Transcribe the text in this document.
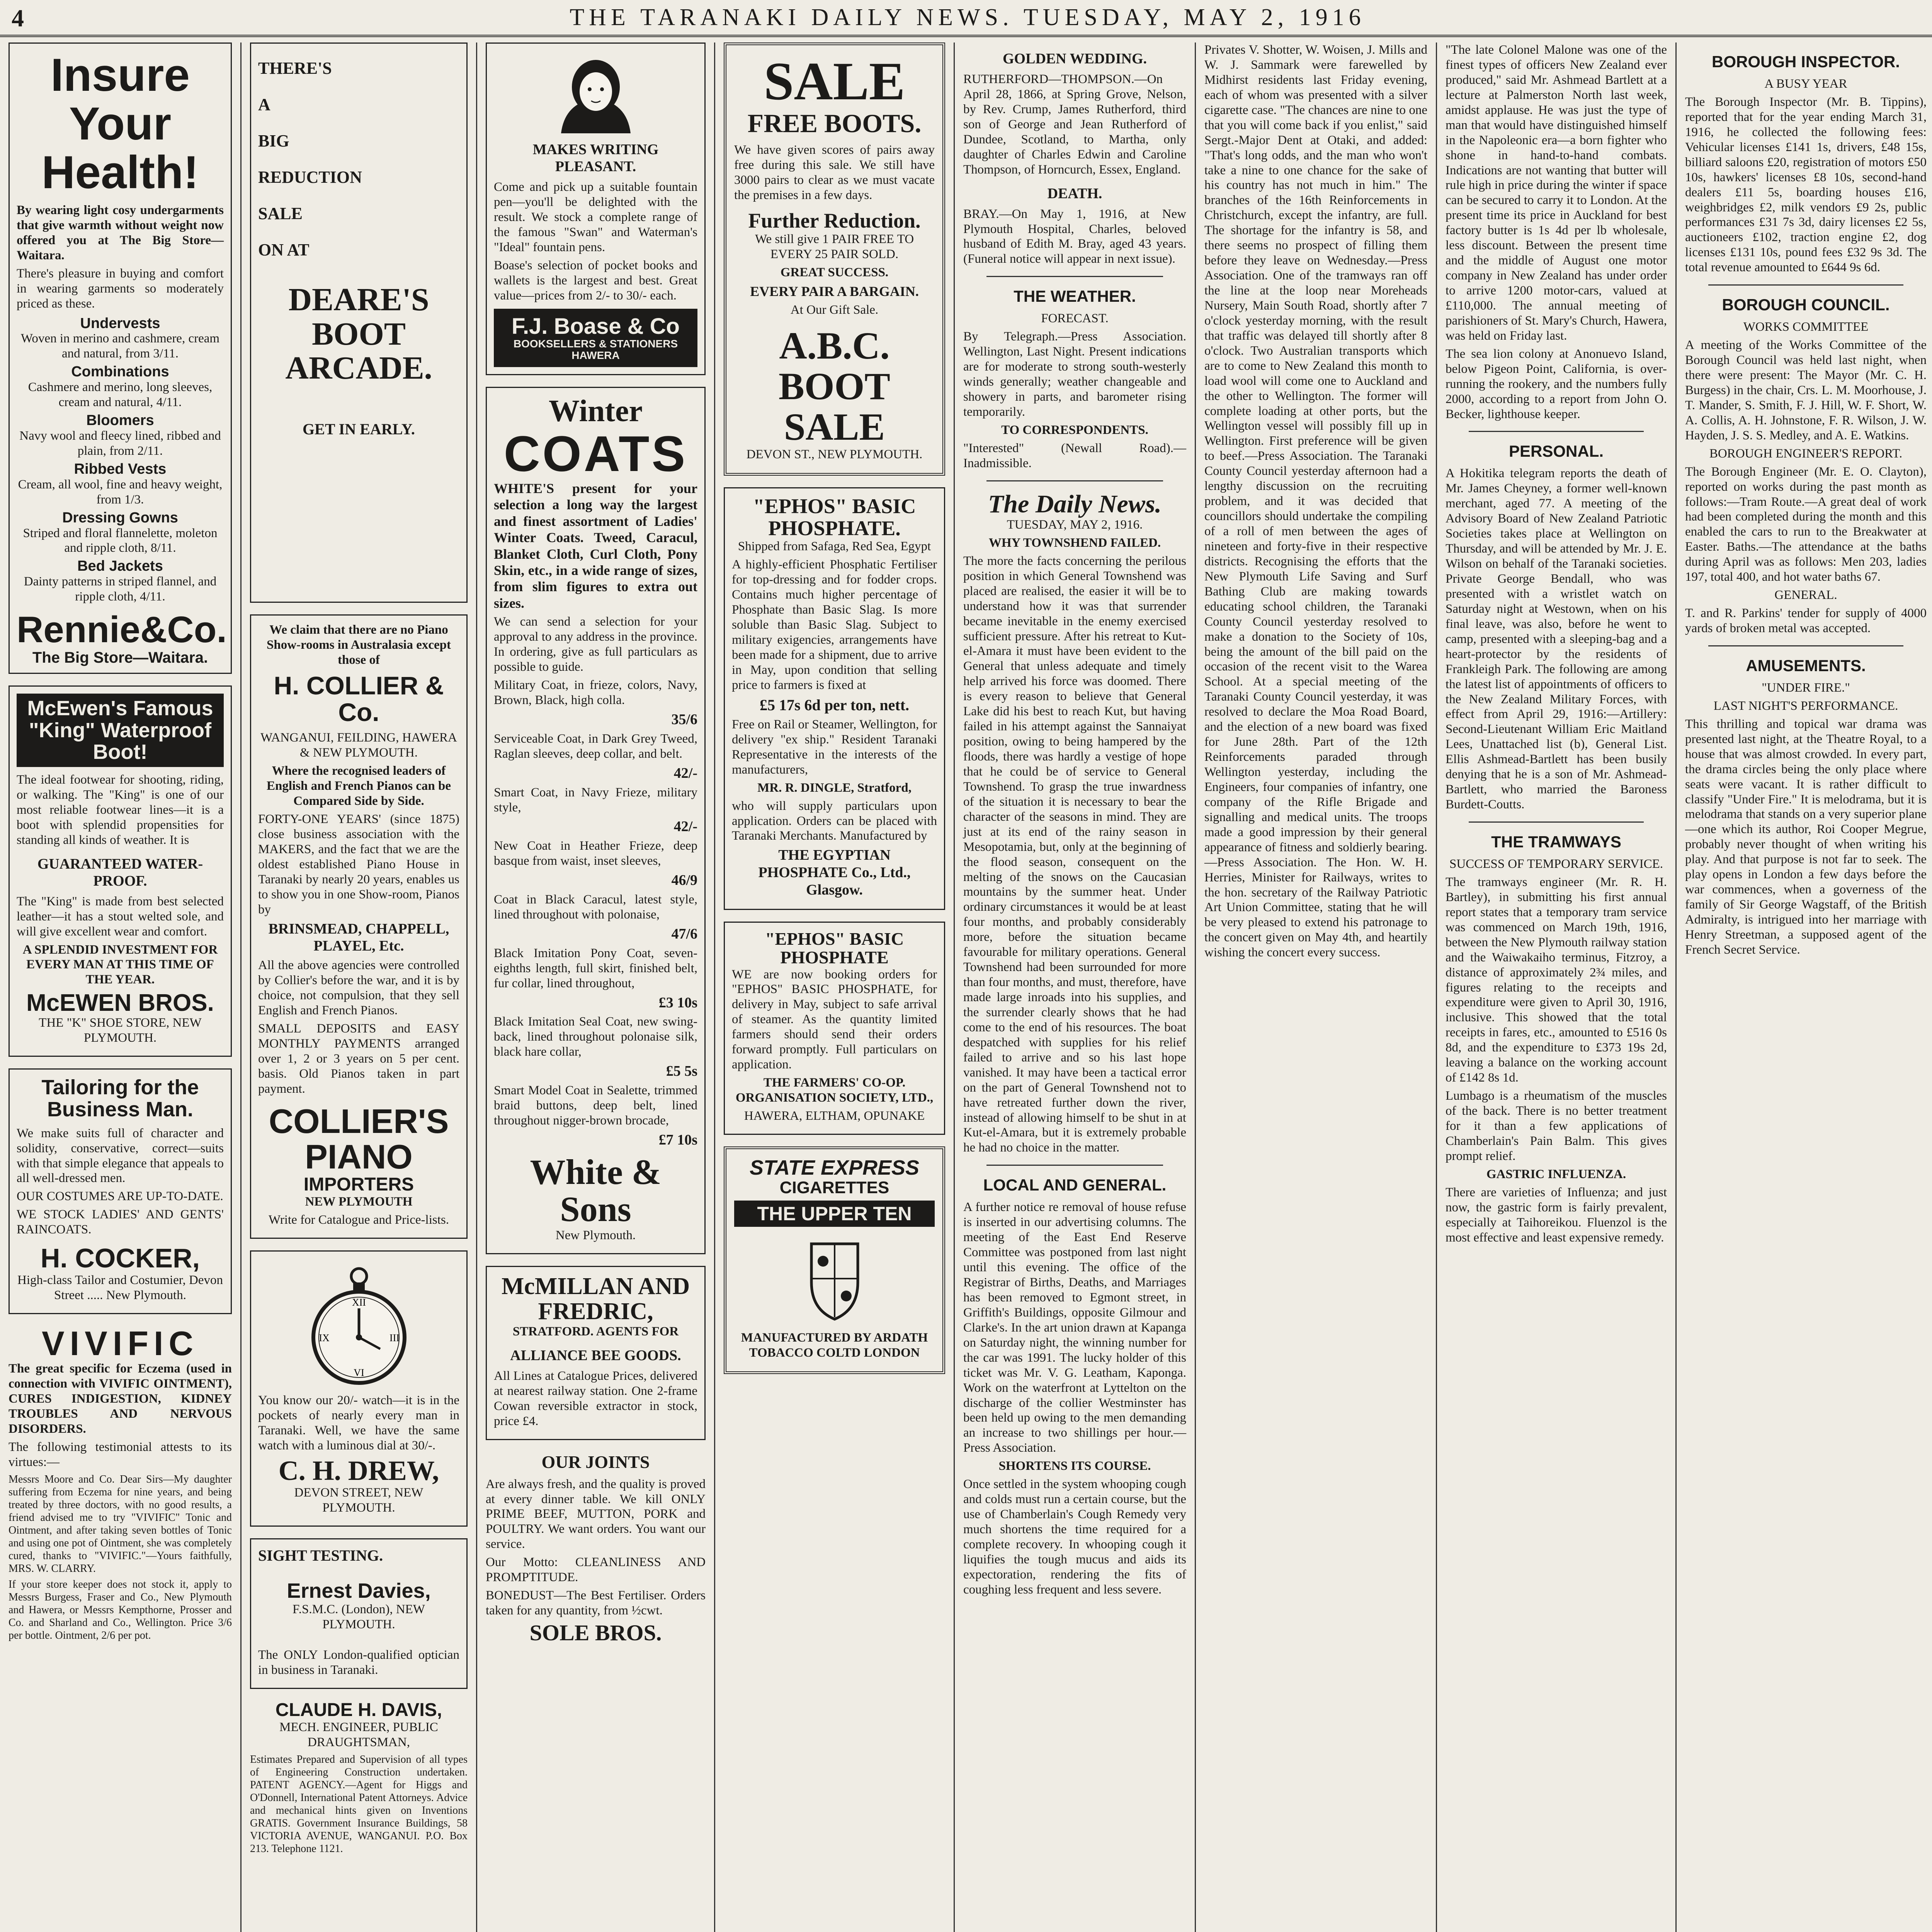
4	THE TARANAKI DAILY NEWS. TUESDAY, MAY 2, 1916
Insure
Your
Health!

By wearing light cosy undergarments that give warmth without weight now offered you at The Big Store—Waitara.

There's pleasure in buying and comfort in wearing garments so moderately priced as these.

Undervests

Woven in merino and cashmere, cream and natural, from 3/11.

Combinations

Cashmere and merino, long sleeves, cream and natural, 4/11.

Bloomers

Navy wool and fleecy lined, ribbed and plain, from 2/11.

Ribbed Vests

Cream, all wool, fine and heavy weight, from 1/3.

Dressing Gowns

Striped and floral flannelette, moleton and ripple cloth, 8/11.

Bed Jackets

Dainty patterns in striped flannel, and ripple cloth, 4/11.

Rennie&Co.
The Big Store—Waitara.
McEwen's Famous "King" Waterproof Boot!

The ideal footwear for shooting, riding, or walking. The "King" is one of our most reliable footwear lines—it is a boot with splendid propensities for standing all kinds of weather. It is

GUARANTEED WATER-PROOF.

The "King" is made from best selected leather—it has a stout welted sole, and will give excellent wear and comfort.

A SPLENDID INVESTMENT FOR EVERY MAN AT THIS TIME OF THE YEAR.

McEWEN BROS.

THE "K" SHOE STORE, NEW PLYMOUTH.

Tailoring for the Business Man.

We make suits full of character and solidity, conservative, correct—suits with that simple elegance that appeals to all well-dressed men.

OUR COSTUMES ARE UP-TO-DATE.

WE STOCK LADIES' AND GENTS' RAINCOATS.

H. COCKER,

High-class Tailor and Costumier, Devon Street ..... New Plymouth.

VIVIFIC

The great specific for Eczema (used in connection with VIVIFIC OINTMENT), CURES INDIGESTION, KIDNEY TROUBLES AND NERVOUS DISORDERS.

The following testimonial attests to its virtues:—

Messrs Moore and Co. Dear Sirs—My daughter suffering from Eczema for nine years, and being treated by three doctors, with no good results, a friend advised me to try "VIVIFIC" Tonic and Ointment, and after taking seven bottles of Tonic and using one pot of Ointment, she was completely cured, thanks to "VIVIFIC."—Yours faithfully, MRS. W. CLARRY.

If your store keeper does not stock it, apply to Messrs Burgess, Fraser and Co., New Plymouth and Hawera, or Messrs Kempthorne, Prosser and Co. and Sharland and Co., Wellington. Price 3/6 per bottle. Ointment, 2/6 per pot.

THERE'S

A

BIG

REDUCTION

SALE

ON AT

DEARE'S BOOT ARCADE.

GET IN EARLY.

We claim that there are no Piano Show-rooms in Australasia except those of

H. COLLIER & Co.

WANGANUI, FEILDING, HAWERA & NEW PLYMOUTH.

Where the recognised leaders of English and French Pianos can be Compared Side by Side.

FORTY-ONE YEARS' (since 1875) close business association with the MAKERS, and the fact that we are the oldest established Piano House in Taranaki by nearly 20 years, enables us to show you in one Show-room, Pianos by

BRINSMEAD, CHAPPELL, PLAYEL, Etc.

All the above agencies were controlled by Collier's before the war, and it is by choice, not compulsion, that they sell English and French Pianos.

SMALL DEPOSITS and EASY MONTHLY PAYMENTS arranged over 1, 2 or 3 years on 5 per cent. basis. Old Pianos taken in part payment.

COLLIER'S PIANO
IMPORTERS

NEW PLYMOUTH

Write for Catalogue and Price-lists.

XII
III
VI
IX

You know our 20/- watch—it is in the pockets of nearly every man in Taranaki. Well, we have the same watch with a luminous dial at 30/-.

C. H. DREW,

DEVON STREET, NEW PLYMOUTH.

SIGHT TESTING.

Ernest Davies,

F.S.M.C. (London), NEW PLYMOUTH.

The ONLY London-qualified optician in business in Taranaki.

CLAUDE H. DAVIS,

MECH. ENGINEER, PUBLIC DRAUGHTSMAN,

Estimates Prepared and Supervision of all types of Engineering Construction undertaken. PATENT AGENCY.—Agent for Higgs and O'Donnell, International Patent Attorneys. Advice and mechanical hints given on Inventions GRATIS. Government Insurance Buildings, 58 VICTORIA AVENUE, WANGANUI. P.O. Box 213. Telephone 1121.

MAKES WRITING PLEASANT.

Come and pick up a suitable fountain pen—you'll be delighted with the result. We stock a complete range of the famous "Swan" and Waterman's "Ideal" fountain pens.

Boase's selection of pocket books and wallets is the largest and best. Great value—prices from 2/- to 30/- each.

F.J. Boase & Co
BOOKSELLERS & STATIONERS HAWERA
Winter
COATS

WHITE'S present for your selection a long way the largest and finest assortment of Ladies' Winter Coats. Tweed, Caracul, Blanket Cloth, Curl Cloth, Pony Skin, etc., in a wide range of sizes, from slim figures to extra out sizes.

We can send a selection for your approval to any address in the province. In ordering, give as full particulars as possible to guide.

Military Coat, in frieze, colors, Navy, Brown, Black, high colla.

35/6

Serviceable Coat, in Dark Grey Tweed, Raglan sleeves, deep collar, and belt.

42/-

Smart Coat, in Navy Frieze, military style,

42/-

New Coat in Heather Frieze, deep basque from waist, inset sleeves,

46/9

Coat in Black Caracul, latest style, lined throughout with polonaise,

47/6

Black Imitation Pony Coat, seven-eighths length, full skirt, finished belt, fur collar, lined throughout,

£3 10s

Black Imitation Seal Coat, new swing-back, lined throughout polonaise silk, black hare collar,

£5 5s

Smart Model Coat in Sealette, trimmed braid buttons, deep belt, lined throughout nigger-brown brocade,

£7 10s

White & Sons

New Plymouth.

McMILLAN AND FREDRIC,

STRATFORD. AGENTS FOR

ALLIANCE BEE GOODS.

All Lines at Catalogue Prices, delivered at nearest railway station. One 2-frame Cowan reversible extractor in stock, price £4.

OUR JOINTS

Are always fresh, and the quality is proved at every dinner table. We kill ONLY PRIME BEEF, MUTTON, PORK and POULTRY. We want orders. You want our service.

Our Motto: CLEANLINESS AND PROMPTITUDE.

BONEDUST—The Best Fertiliser. Orders taken for any quantity, from ½cwt.

SOLE BROS.
SALE
FREE BOOTS.

We have given scores of pairs away free during this sale. We still have 3000 pairs to clear as we must vacate the premises in a few days.

Further Reduction.

We still give 1 PAIR FREE TO EVERY 25 PAIR SOLD.

GREAT SUCCESS.

EVERY PAIR A BARGAIN.

At Our Gift Sale.

A.B.C. BOOT SALE

DEVON ST., NEW PLYMOUTH.

"EPHOS" BASIC PHOSPHATE.

Shipped from Safaga, Red Sea, Egypt

A highly-efficient Phosphatic Fertiliser for top-dressing and for fodder crops. Contains much higher percentage of Phosphate than Basic Slag. Is more soluble than Basic Slag. Subject to military exigencies, arrangements have been made for a shipment, due to arrive in May, upon condition that selling price to farmers is fixed at

£5 17s 6d per ton, nett.

Free on Rail or Steamer, Wellington, for delivery "ex ship." Resident Taranaki Representative in the interests of the manufacturers,

MR. R. DINGLE, Stratford,

who will supply particulars upon application. Orders can be placed with Taranaki Merchants. Manufactured by

THE EGYPTIAN PHOSPHATE Co., Ltd., Glasgow.

"EPHOS" BASIC PHOSPHATE

WE are now booking orders for "EPHOS" BASIC PHOSPHATE, for delivery in May, subject to safe arrival of steamer. As the quantity limited farmers should send their orders forward promptly. Full particulars on application.

THE FARMERS' CO-OP. ORGANISATION SOCIETY, LTD.,

HAWERA, ELTHAM, OPUNAKE

STATE EXPRESS
CIGARETTES
THE UPPER TEN

MANUFACTURED BY ARDATH TOBACCO COLTD LONDON

GOLDEN WEDDING.

RUTHERFORD—THOMPSON.—On April 28, 1866, at Spring Grove, Nelson, by Rev. Crump, James Rutherford, third son of George and Jean Rutherford of Dundee, Scotland, to Martha, only daughter of Charles Edwin and Caroline Thompson, of Horncurch, Essex, England.

DEATH.

BRAY.—On May 1, 1916, at New Plymouth Hospital, Charles, beloved husband of Edith M. Bray, aged 43 years. (Funeral notice will appear in next issue).

THE WEATHER.

FORECAST.

By Telegraph.—Press Association. Wellington, Last Night. Present indications are for moderate to strong south-westerly winds generally; weather changeable and showery in parts, and barometer rising temporarily.

TO CORRESPONDENTS.

"Interested" (Newall Road).—Inadmissible.

The Daily News.

TUESDAY, MAY 2, 1916.

WHY TOWNSHEND FAILED.

The more the facts concerning the perilous position in which General Townshend was placed are realised, the easier it will be to understand how it was that surrender became inevitable in the enemy exercised sufficient pressure. After his retreat to Kut-el-Amara it must have been evident to the General that unless adequate and timely help arrived his force was doomed. There is every reason to believe that General Lake did his best to reach Kut, but having failed in his attempt against the Sannaiyat position, owing to being hampered by the floods, there was hardly a vestige of hope that he could be of service to General Townshend. To grasp the true inwardness of the situation it is necessary to bear the character of the seasons in mind. They are just at its end of the rainy season in Mesopotamia, but, only at the beginning of the flood season, consequent on the melting of the snows on the Caucasian mountains by the summer heat. Under ordinary circumstances it would be at least four months, and probably considerably more, before the situation became favourable for military operations. General Townshend had been surrounded for more than four months, and must, therefore, have made large inroads into his supplies, and the surrender clearly shows that he had come to the end of his resources. The boat despatched with supplies for his relief failed to arrive and so his last hope vanished. It may have been a tactical error on the part of General Townshend not to have retreated further down the river, instead of allowing himself to be shut in at Kut-el-Amara, but it is extremely probable he had no choice in the matter.

LOCAL AND GENERAL.

A further notice re removal of house refuse is inserted in our advertising columns. The meeting of the East End Reserve Committee was postponed from last night until this evening. The office of the Registrar of Births, Deaths, and Marriages has been removed to Egmont street, in Griffith's Buildings, opposite Gilmour and Clarke's. In the art union drawn at Kapanga on Saturday night, the winning number for the car was 1991. The lucky holder of this ticket was Mr. V. G. Leatham, Kaponga. Work on the waterfront at Lyttelton on the discharge of the collier Westminster has been held up owing to the men demanding an increase to two shillings per hour.—Press Association.

SHORTENS ITS COURSE.

Once settled in the system whooping cough and colds must run a certain course, but the use of Chamberlain's Cough Remedy very much shortens the time required for a complete recovery. In whooping cough it liquifies the tough mucus and aids its expectoration, rendering the fits of coughing less frequent and less severe.

Privates V. Shotter, W. Woisen, J. Mills and W. J. Sammark were farewelled by Midhirst residents last Friday evening, each of whom was presented with a silver cigarette case. "The chances are nine to one that you will come back if you enlist," said Sergt.-Major Dent at Otaki, and added: "That's long odds, and the man who won't take a nine to one chance for the sake of his country has not much in him." The branches of the 16th Reinforcements in Christchurch, except the infantry, are full. The shortage for the infantry is 58, and there seems no prospect of filling them before they leave on Wednesday.—Press Association. One of the tramways ran off the line at the loop near Moreheads Nursery, Main South Road, shortly after 7 o'clock yesterday morning, with the result that traffic was delayed till shortly after 8 o'clock. Two Australian transports which are to come to New Zealand this month to load wool will come one to Auckland and the other to Wellington. The former will complete loading at other ports, but the Wellington vessel will possibly fill up in Wellington. First preference will be given to beef.—Press Association. The Taranaki County Council yesterday afternoon had a lengthy discussion on the recruiting problem, and it was decided that councillors should undertake the compiling of a roll of men between the ages of nineteen and forty-five in their respective districts. Recognising the efforts that the New Plymouth Life Saving and Surf Bathing Club are making towards educating school children, the Taranaki County Council yesterday resolved to make a donation to the Society of 10s, being the amount of the bill paid on the occasion of the recent visit to the Warea School. At a special meeting of the Taranaki County Council yesterday, it was resolved to declare the Moa Road Board, and the election of a new board was fixed for June 28th. Part of the 12th Reinforcements paraded through Wellington yesterday, including the Engineers, four companies of infantry, one company of the Rifle Brigade and signalling and medical units. The troops made a good impression by their general appearance of fitness and soldierly bearing.—Press Association. The Hon. W. H. Herries, Minister for Railways, writes to the hon. secretary of the Railway Patriotic Art Union Committee, stating that he will be very pleased to extend his patronage to the concert given on May 4th, and heartily wishing the concert every success.

"The late Colonel Malone was one of the finest types of officers New Zealand ever produced," said Mr. Ashmead Bartlett at a lecture at Palmerston North last week, amidst applause. He was just the type of man that would have distinguished himself in the Napoleonic era—a born fighter who shone in hand-to-hand combats. Indications are not wanting that butter will rule high in price during the winter if space can be secured to carry it to London. At the present time its price in Auckland for best factory butter is 1s 4d per lb wholesale, less discount. Between the present time and the middle of August one motor company in New Zealand has under order to arrive 1200 motor-cars, valued at £110,000. The annual meeting of parishioners of St. Mary's Church, Hawera, was held on Friday last.

The sea lion colony at Anonuevo Island, below Pigeon Point, California, is over-running the rookery, and the numbers fully 2000, according to a report from John O. Becker, lighthouse keeper.

PERSONAL.

A Hokitika telegram reports the death of Mr. James Cheyney, a former well-known merchant, aged 77. A meeting of the Advisory Board of New Zealand Patriotic Societies takes place at Wellington on Thursday, and will be attended by Mr. J. E. Wilson on behalf of the Taranaki societies. Private George Bendall, who was presented with a wristlet watch on Saturday night at Westown, when on his final leave, was also, before he went to camp, presented with a sleeping-bag and a heart-protector by the residents of Frankleigh Park. The following are among the latest list of appointments of officers to the New Zealand Military Forces, with effect from April 29, 1916:—Artillery: Second-Lieutenant William Eric Maitland Lees, Unattached list (b), General List. Ellis Ashmead-Bartlett has been busily denying that he is a son of Mr. Ashmead-Bartlett, who married the Baroness Burdett-Coutts.

THE TRAMWAYS

SUCCESS OF TEMPORARY SERVICE.

The tramways engineer (Mr. R. H. Bartley), in submitting his first annual report states that a temporary tram service was commenced on March 19th, 1916, between the New Plymouth railway station and the Waiwakaiho terminus, Fitzroy, a distance of approximately 2¾ miles, and figures relating to the receipts and expenditure were given to April 30, 1916, inclusive. This showed that the total receipts in fares, etc., amounted to £516 0s 8d, and the expenditure to £373 19s 2d, leaving a balance on the working account of £142 8s 1d.

Lumbago is a rheumatism of the muscles of the back. There is no better treatment for it than a few applications of Chamberlain's Pain Balm. This gives prompt relief.

GASTRIC INFLUENZA.

There are varieties of Influenza; and just now, the gastric form is fairly prevalent, especially at Taihoreikou. Fluenzol is the most effective and least expensive remedy.

BOROUGH INSPECTOR.

A BUSY YEAR

The Borough Inspector (Mr. B. Tippins), reported that for the year ending March 31, 1916, he collected the following fees: Vehicular licenses £141 1s, drivers, £48 15s, billiard saloons £20, registration of motors £50 10s, hawkers' licenses £8 10s, second-hand dealers £11 5s, boarding houses £16, weighbridges £2, milk vendors £9 2s, public performances £31 7s 3d, dairy licenses £2 5s, auctioneers £102, traction engine £2, dog licenses £131 10s, pound fees £32 9s 3d. The total revenue amounted to £644 9s 6d.

BOROUGH COUNCIL.

WORKS COMMITTEE

A meeting of the Works Committee of the Borough Council was held last night, when there were present: The Mayor (Mr. C. H. Burgess) in the chair, Crs. L. M. Moorhouse, J. T. Mander, S. Smith, F. J. Hill, W. F. Short, W. A. Collis, A. H. Johnstone, F. R. Wilson, J. W. Hayden, J. S. S. Medley, and A. E. Watkins.

BOROUGH ENGINEER'S REPORT.

The Borough Engineer (Mr. E. O. Clayton), reported on works during the past month as follows:—Tram Route.—A great deal of work had been completed during the month and this enabled the cars to run to the Breakwater at Easter. Baths.—The attendance at the baths during April was as follows: Men 203, ladies 197, total 400, and hot water baths 67.

GENERAL.

T. and R. Parkins' tender for supply of 4000 yards of broken metal was accepted.

AMUSEMENTS.

"UNDER FIRE."

LAST NIGHT'S PERFORMANCE.

This thrilling and topical war drama was presented last night, at the Theatre Royal, to a house that was almost crowded. In every part, the drama circles being the only place where seats were vacant. It is rather difficult to classify "Under Fire." It is melodrama, but it is melodrama that stands on a very superior plane—one which its author, Roi Cooper Megrue, probably never thought of when writing his play. And that purpose is not far to seek. The play opens in London a few days before the war commences, when a governess of the family of Sir George Wagstaff, of the British Admiralty, is intrigued into her marriage with Henry Streetman, a supposed agent of the French Secret Service.
